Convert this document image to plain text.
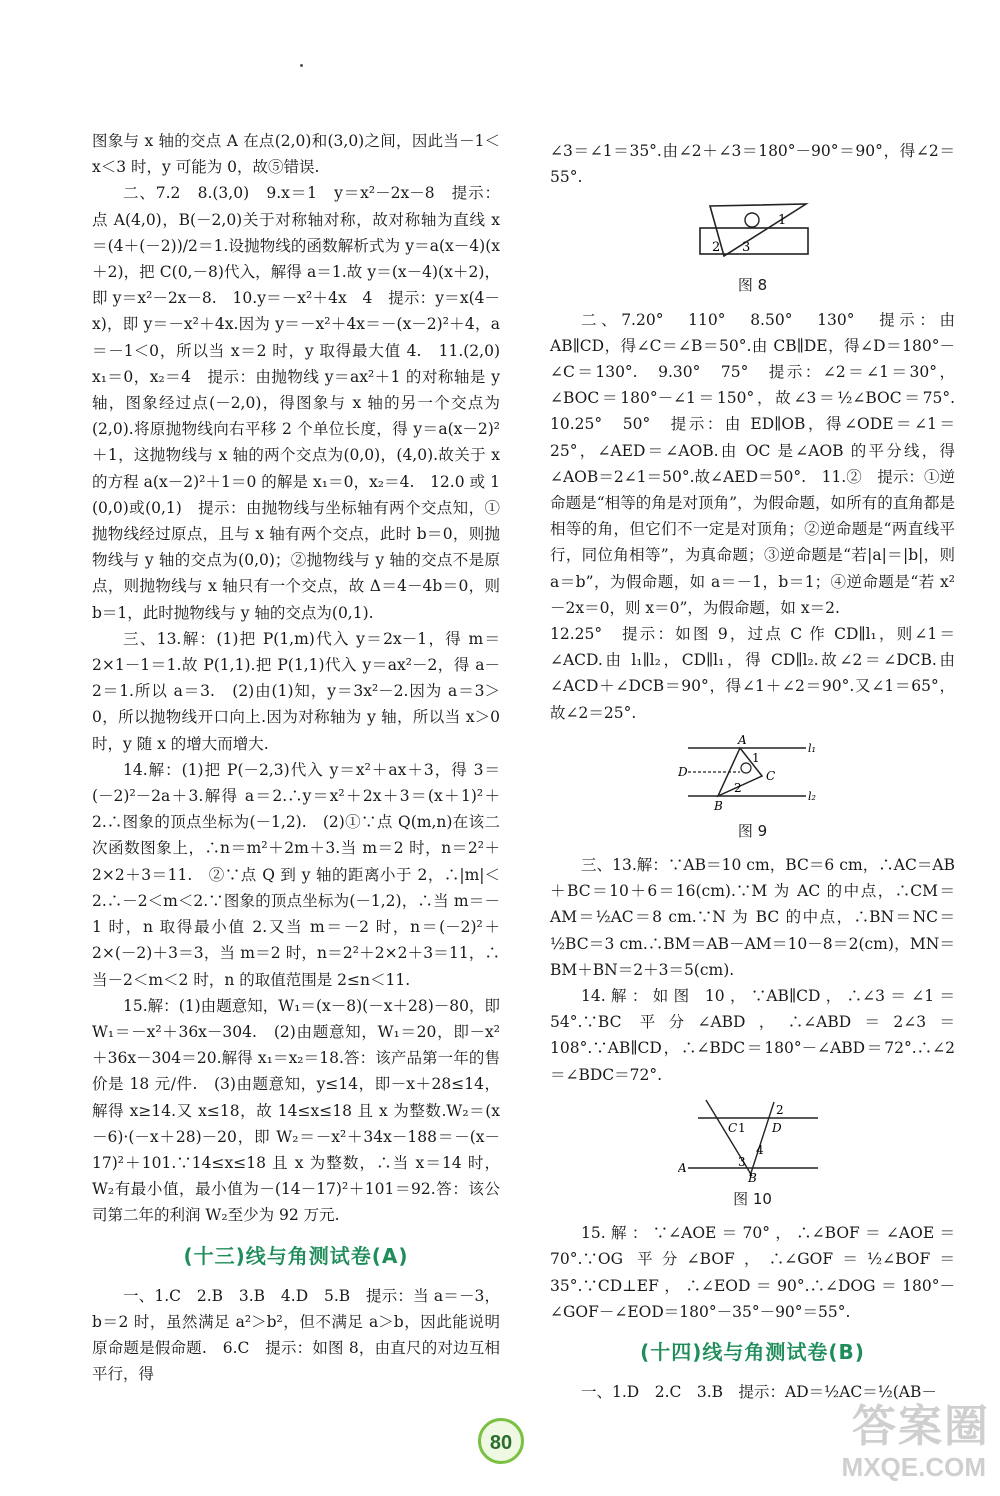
图象与 x 轴的交点 A 在点(2,0)和(3,0)之间，因此当－1＜x＜3 时，y 可能为 0，故⑤错误.

二、7.2　8.(3,0)　9.x＝1　y＝x²－2x－8　提示：点 A(4,0)，B(－2,0)关于对称轴对称，故对称轴为直线 x＝(4＋(－2))/2＝1.设抛物线的函数解析式为 y＝a(x－4)(x＋2)，把 C(0,－8)代入，解得 a＝1.故 y＝(x－4)(x＋2)，即 y＝x²－2x－8.　10.y＝－x²＋4x　4　提示：y＝x(4－x)，即 y＝－x²＋4x.因为 y＝－x²＋4x＝－(x－2)²＋4，a＝－1＜0，所以当 x＝2 时，y 取得最大值 4.　11.(2,0)　x₁＝0，x₂＝4　提示：由抛物线 y＝ax²＋1 的对称轴是 y 轴，图象经过点(－2,0)，得图象与 x 轴的另一个交点为(2,0).将原抛物线向右平移 2 个单位长度，得 y＝a(x－2)²＋1，这抛物线与 x 轴的两个交点为(0,0)，(4,0).故关于 x 的方程 a(x－2)²＋1＝0 的解是 x₁＝0，x₂＝4.　12.0 或 1　(0,0)或(0,1)　提示：由抛物线与坐标轴有两个交点知，①抛物线经过原点，且与 x 轴有两个交点，此时 b＝0，则抛物线与 y 轴的交点为(0,0)；②抛物线与 y 轴的交点不是原点，则抛物线与 x 轴只有一个交点，故 Δ＝4－4b＝0，则 b＝1，此时抛物线与 y 轴的交点为(0,1).

三、13.解：(1)把 P(1,m)代入 y＝2x－1，得 m＝2×1－1＝1.故 P(1,1).把 P(1,1)代入 y＝ax²－2，得 a－2＝1.所以 a＝3.　(2)由(1)知，y＝3x²－2.因为 a＝3＞0，所以抛物线开口向上.因为对称轴为 y 轴，所以当 x＞0 时，y 随 x 的增大而增大.

14.解：(1)把 P(－2,3)代入 y＝x²＋ax＋3，得 3＝(－2)²－2a＋3.解得 a＝2.∴y＝x²＋2x＋3＝(x＋1)²＋2.∴图象的顶点坐标为(－1,2).　(2)①∵点 Q(m,n)在该二次函数图象上，∴n＝m²＋2m＋3.当 m＝2 时，n＝2²＋2×2＋3＝11.　②∵点 Q 到 y 轴的距离小于 2，∴|m|＜2.∴－2＜m＜2.∵图象的顶点坐标为(－1,2)，∴当 m＝－1 时，n 取得最小值 2.又当 m＝－2 时，n＝(－2)²＋2×(－2)＋3＝3，当 m＝2 时，n＝2²＋2×2＋3＝11，∴当－2＜m＜2 时，n 的取值范围是 2≤n＜11.

15.解：(1)由题意知，W₁＝(x－8)(－x＋28)－80，即 W₁＝－x²＋36x－304.　(2)由题意知，W₁＝20，即－x²＋36x－304＝20.解得 x₁＝x₂＝18.答：该产品第一年的售价是 18 元/件.　(3)由题意知，y≤14，即－x＋28≤14，解得 x≥14.又 x≤18，故 14≤x≤18 且 x 为整数.W₂＝(x－6)·(－x＋28)－20，即 W₂＝－x²＋34x－188＝－(x－17)²＋101.∵14≤x≤18 且 x 为整数，∴当 x＝14 时，W₂有最小值，最小值为－(14－17)²＋101＝92.答：该公司第二年的利润 W₂至少为 92 万元.

(十三)线与角测试卷(A)

一、1.C　2.B　3.B　4.D　5.B　提示：当 a＝－3，b＝2 时，虽然满足 a²＞b²，但不满足 a＞b，因此能说明原命题是假命题.　6.C　提示：如图 8，由直尺的对边互相平行，得

∠3＝∠1＝35°.由∠2＋∠3＝180°－90°＝90°，得∠2＝55°.

1
2 3
图 8

二、7.20°　110°　8.50°　130°　提示：由 AB∥CD，得∠C＝∠B＝50°.由 CB∥DE，得∠D＝180°－∠C＝130°.　9.30°　75°　提示：∠2＝∠1＝30°，∠BOC＝180°－∠1＝150°，故∠3＝½∠BOC＝75°.　10.25°　50°　提示：由 ED∥OB，得∠ODE＝∠1＝25°，∠AED＝∠AOB.由 OC 是∠AOB 的平分线，得∠AOB＝2∠1＝50°.故∠AED＝50°.　11.②　提示：①逆命题是“相等的角是对顶角”，为假命题，如所有的直角都是相等的角，但它们不一定是对顶角；②逆命题是“两直线平行，同位角相等”，为真命题；③逆命题是“若|a|＝|b|，则 a＝b”，为假命题，如 a＝－1，b＝1；④逆命题是“若 x²－2x＝0，则 x＝0”，为假命题，如 x＝2.

12.25°　提示：如图 9，过点 C 作 CD∥l₁，则∠1＝∠ACD.由 l₁∥l₂，CD∥l₁，得 CD∥l₂.故∠2＝∠DCB.由∠ACD＋∠DCB＝90°，得∠1＋∠2＝90°.又∠1＝65°，故∠2＝25°.

A
1
l₁
D	C
B
2
l₂
图 9

三、13.解：∵AB＝10 cm，BC＝6 cm，∴AC＝AB＋BC＝10＋6＝16(cm).∵M 为 AC 的中点，∴CM＝AM＝½AC＝8 cm.∵N 为 BC 的中点，∴BN＝NC＝½BC＝3 cm.∴BM＝AB－AM＝10－8＝2(cm)，MN＝BM＋BN＝2＋3＝5(cm).

14.解：如图 10，∵AB∥CD，∴∠3＝∠1＝54°.∵BC 平分∠ABD，∴∠ABD＝2∠3＝108°.∵AB∥CD，∴∠BDC＝180°－∠ABD＝72°.∴∠2＝∠BDC＝72°.

C 1
2
D
4
A	3
B
图 10

15.解：∵∠AOE＝70°，∴∠BOF＝∠AOE＝70°.∵OG 平分∠BOF，∴∠GOF＝½∠BOF＝35°.∵CD⊥EF，∴∠EOD＝90°.∴∠DOG＝180°－∠GOF－∠EOD＝180°－35°－90°＝55°.

(十四)线与角测试卷(B)

一、1.D　2.C　3.B　提示：AD＝½AC＝½(AB－

80	答案圈
MXQE.COM
